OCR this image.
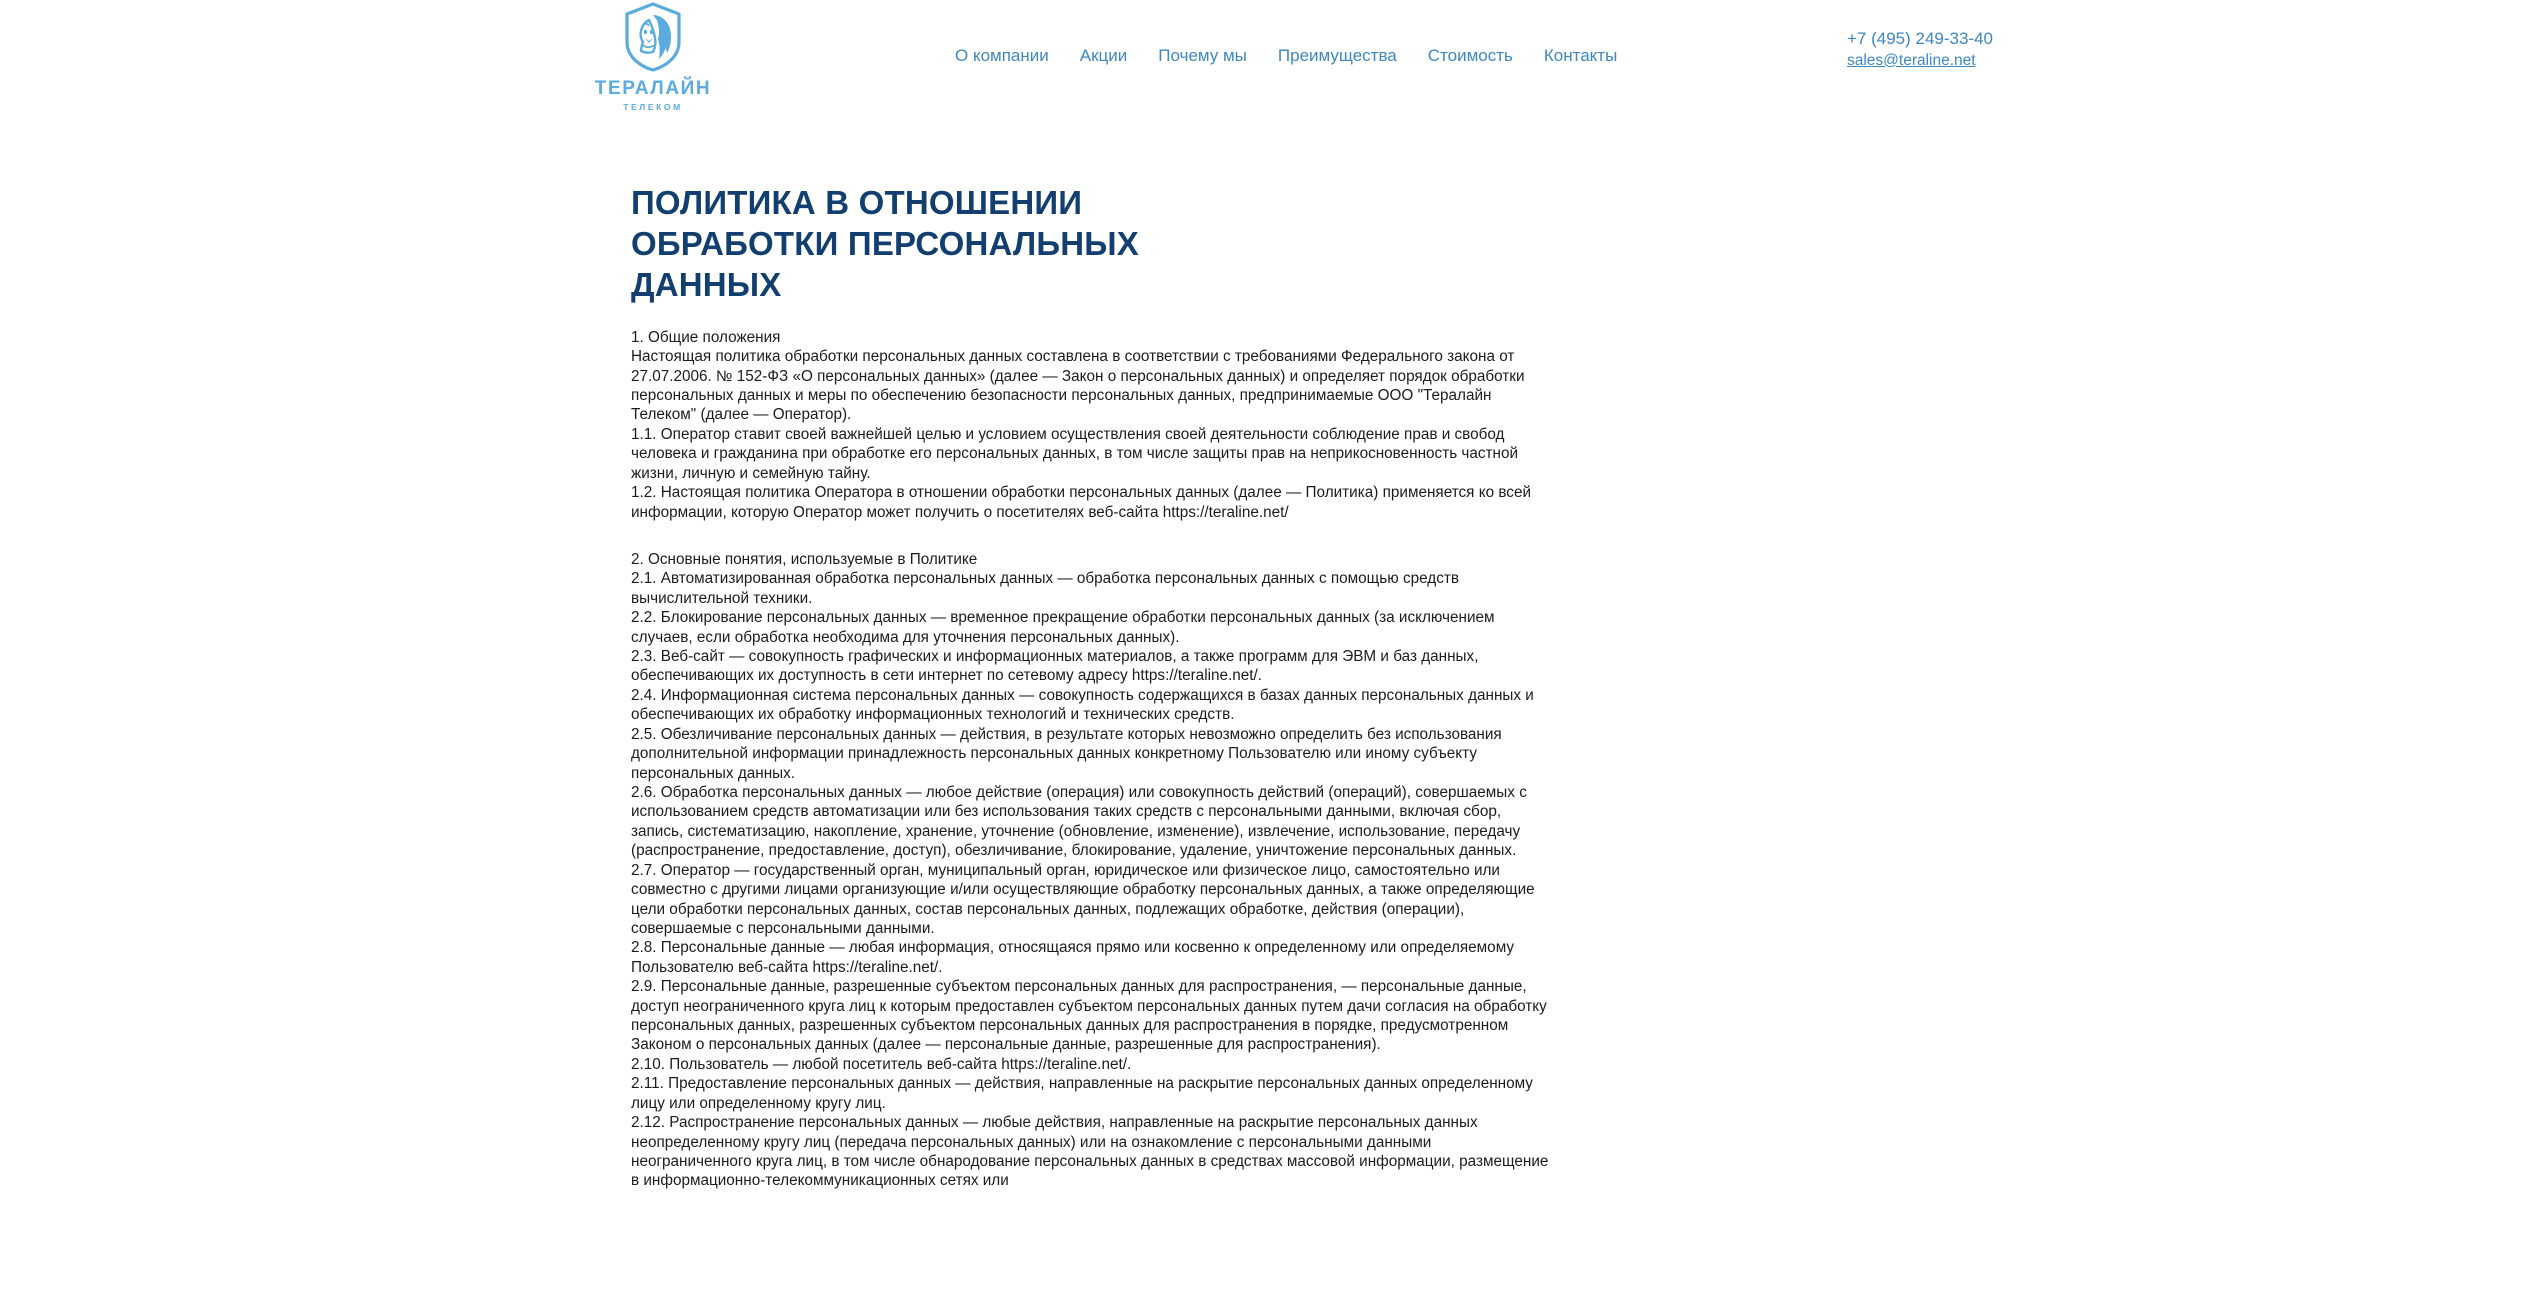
ТЕРАЛАЙН
ТЕЛЕКОМ
О компании Акции Почему мы Преимущества Стоимость Контакты
+7 (495) 249-33-40
sales@teraline.net
ПОЛИТИКА В ОТНОШЕНИИ ОБРАБОТКИ ПЕРСОНАЛЬНЫХ ДАННЫХ

1. Общие положения

Настоящая политика обработки персональных данных составлена в соответствии с требованиями Федерального закона от 27.07.2006. № 152-ФЗ «О персональных данных» (далее — Закон о персональных данных) и определяет порядок обработки персональных данных и меры по обеспечению безопасности персональных данных, предпринимаемые ООО "Тералайн Телеком" (далее — Оператор).

1.1. Оператор ставит своей важнейшей целью и условием осуществления своей деятельности соблюдение прав и свобод человека и гражданина при обработке его персональных данных, в том числе защиты прав на неприкосновенность частной жизни, личную и семейную тайну.

1.2. Настоящая политика Оператора в отношении обработки персональных данных (далее — Политика) применяется ко всей информации, которую Оператор может получить о посетителях веб-сайта https://teraline.net/

2. Основные понятия, используемые в Политике

2.1. Автоматизированная обработка персональных данных — обработка персональных данных с помощью средств вычислительной техники.

2.2. Блокирование персональных данных — временное прекращение обработки персональных данных (за исключением случаев, если обработка необходима для уточнения персональных данных).

2.3. Веб-сайт — совокупность графических и информационных материалов, а также программ для ЭВМ и баз данных, обеспечивающих их доступность в сети интернет по сетевому адресу https://teraline.net/.

2.4. Информационная система персональных данных — совокупность содержащихся в базах данных персональных данных и обеспечивающих их обработку информационных технологий и технических средств.

2.5. Обезличивание персональных данных — действия, в результате которых невозможно определить без использования дополнительной информации принадлежность персональных данных конкретному Пользователю или иному субъекту персональных данных.

2.6. Обработка персональных данных — любое действие (операция) или совокупность действий (операций), совершаемых с использованием средств автоматизации или без использования таких средств с персональными данными, включая сбор, запись, систематизацию, накопление, хранение, уточнение (обновление, изменение), извлечение, использование, передачу (распространение, предоставление, доступ), обезличивание, блокирование, удаление, уничтожение персональных данных.

2.7. Оператор — государственный орган, муниципальный орган, юридическое или физическое лицо, самостоятельно или совместно с другими лицами организующие и/или осуществляющие обработку персональных данных, а также определяющие цели обработки персональных данных, состав персональных данных, подлежащих обработке, действия (операции), совершаемые с персональными данными.

2.8. Персональные данные — любая информация, относящаяся прямо или косвенно к определенному или определяемому Пользователю веб-сайта https://teraline.net/.

2.9. Персональные данные, разрешенные субъектом персональных данных для распространения, — персональные данные, доступ неограниченного круга лиц к которым предоставлен субъектом персональных данных путем дачи согласия на обработку персональных данных, разрешенных субъектом персональных данных для распространения в порядке, предусмотренном Законом о персональных данных (далее — персональные данные, разрешенные для распространения).

2.10. Пользователь — любой посетитель веб-сайта https://teraline.net/.

2.11. Предоставление персональных данных — действия, направленные на раскрытие персональных данных определенному лицу или определенному кругу лиц.

2.12. Распространение персональных данных — любые действия, направленные на раскрытие персональных данных неопределенному кругу лиц (передача персональных данных) или на ознакомление с персональными данными неограниченного круга лиц, в том числе обнародование персональных данных в средствах массовой информации, размещение в информационно-телекоммуникационных сетях или
